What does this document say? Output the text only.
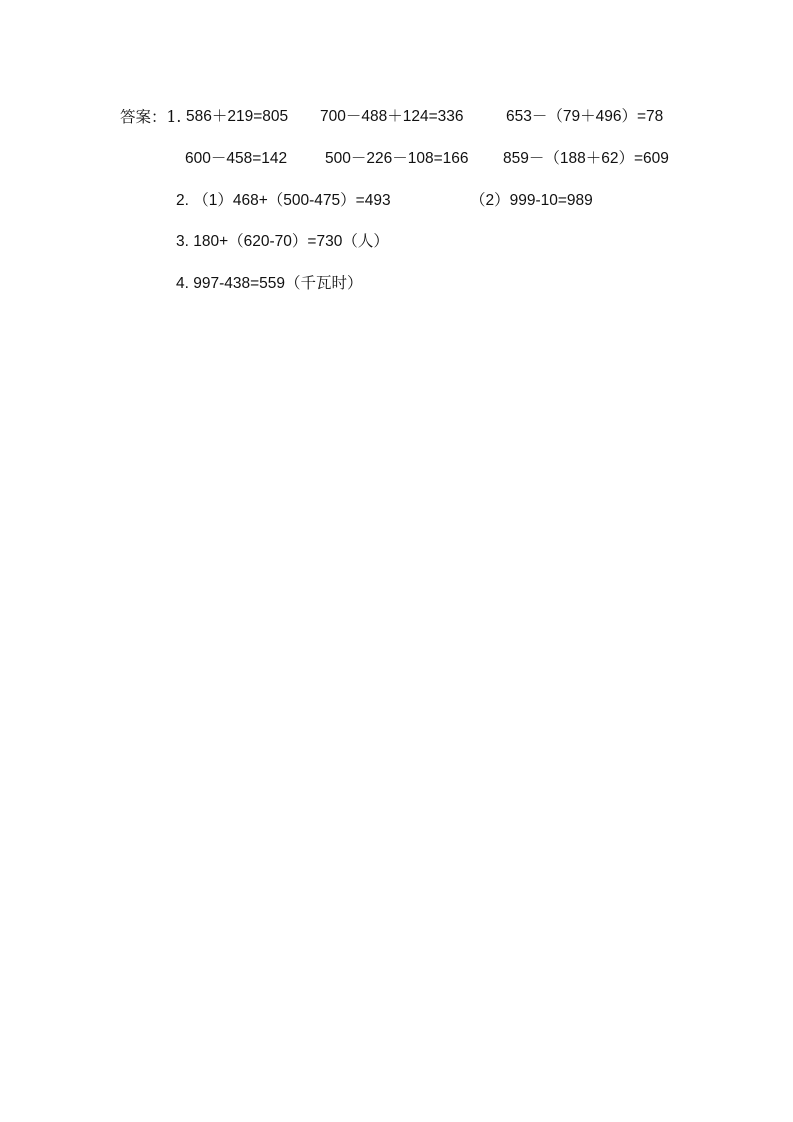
答案：1. 586＋219=805 700－488＋124=336	653－（79＋496）=78
600－458=142 500－226－108=166 859－（188＋62）=609
2. （1）468+（500-475）=493	（2）999-10=989
3. 180+（620-70）=730（人）
4. 997-438=559（千瓦时）
